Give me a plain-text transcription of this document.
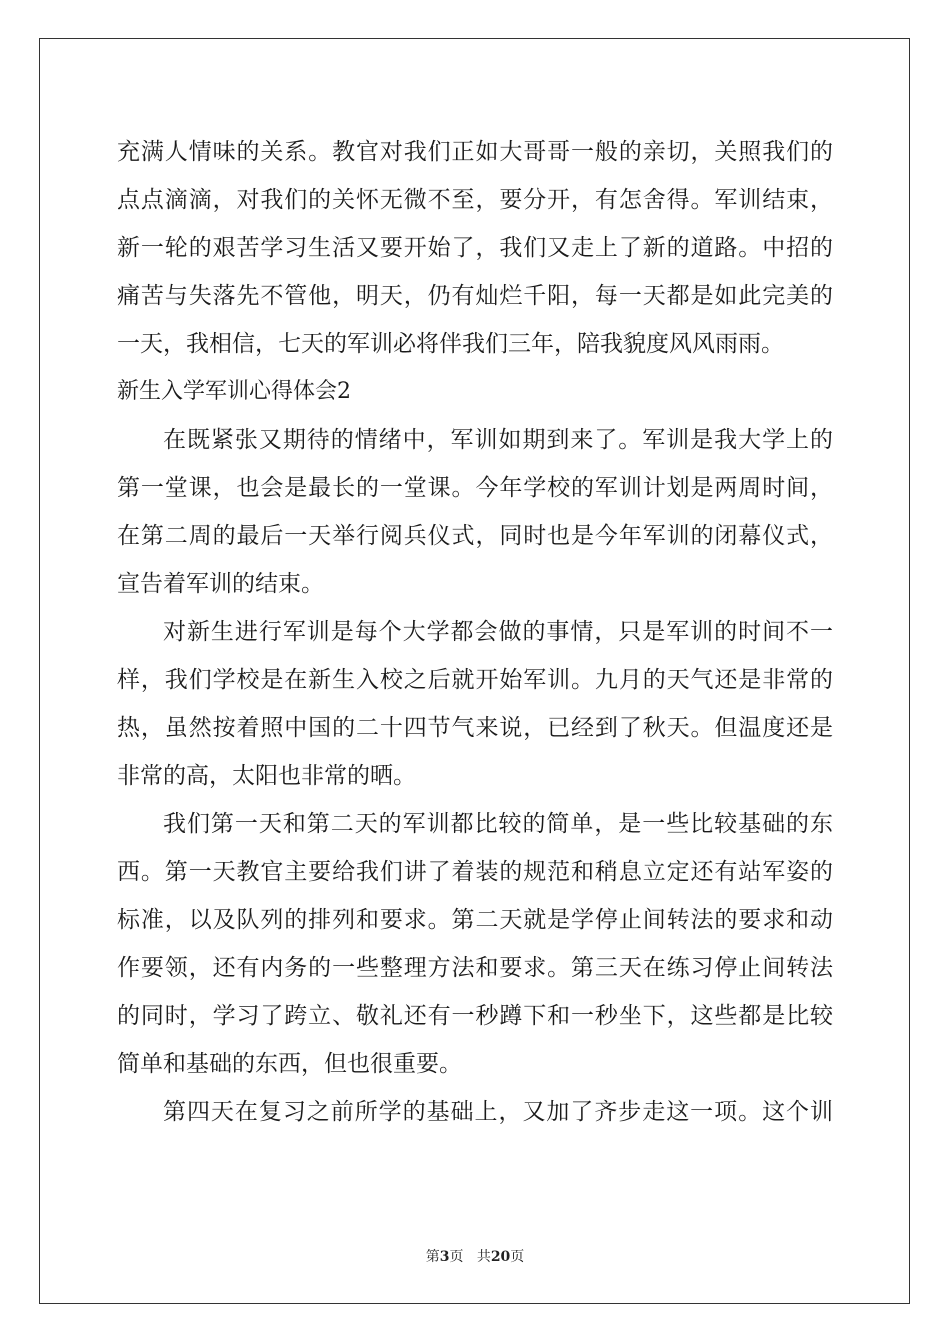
充满人情味的关系。教官对我们正如大哥哥一般的亲切，关照我们的
点点滴滴，对我们的关怀无微不至，要分开，有怎舍得。军训结束，
新一轮的艰苦学习生活又要开始了，我们又走上了新的道路。中招的
痛苦与失落先不管他，明天，仍有灿烂千阳，每一天都是如此完美的
一天，我相信，七天的军训必将伴我们三年，陪我貌度风风雨雨。
新生入学军训心得体会2
在既紧张又期待的情绪中，军训如期到来了。军训是我大学上的
第一堂课，也会是最长的一堂课。今年学校的军训计划是两周时间，
在第二周的最后一天举行阅兵仪式，同时也是今年军训的闭幕仪式，
宣告着军训的结束。
对新生进行军训是每个大学都会做的事情，只是军训的时间不一
样，我们学校是在新生入校之后就开始军训。九月的天气还是非常的
热，虽然按着照中国的二十四节气来说，已经到了秋天。但温度还是
非常的高，太阳也非常的晒。
我们第一天和第二天的军训都比较的简单，是一些比较基础的东
西。第一天教官主要给我们讲了着装的规范和稍息立定还有站军姿的
标准，以及队列的排列和要求。第二天就是学停止间转法的要求和动
作要领，还有内务的一些整理方法和要求。第三天在练习停止间转法
的同时，学习了跨立、敬礼还有一秒蹲下和一秒坐下，这些都是比较
简单和基础的东西，但也很重要。
第四天在复习之前所学的基础上，又加了齐步走这一项。这个训
第3页 共20页
